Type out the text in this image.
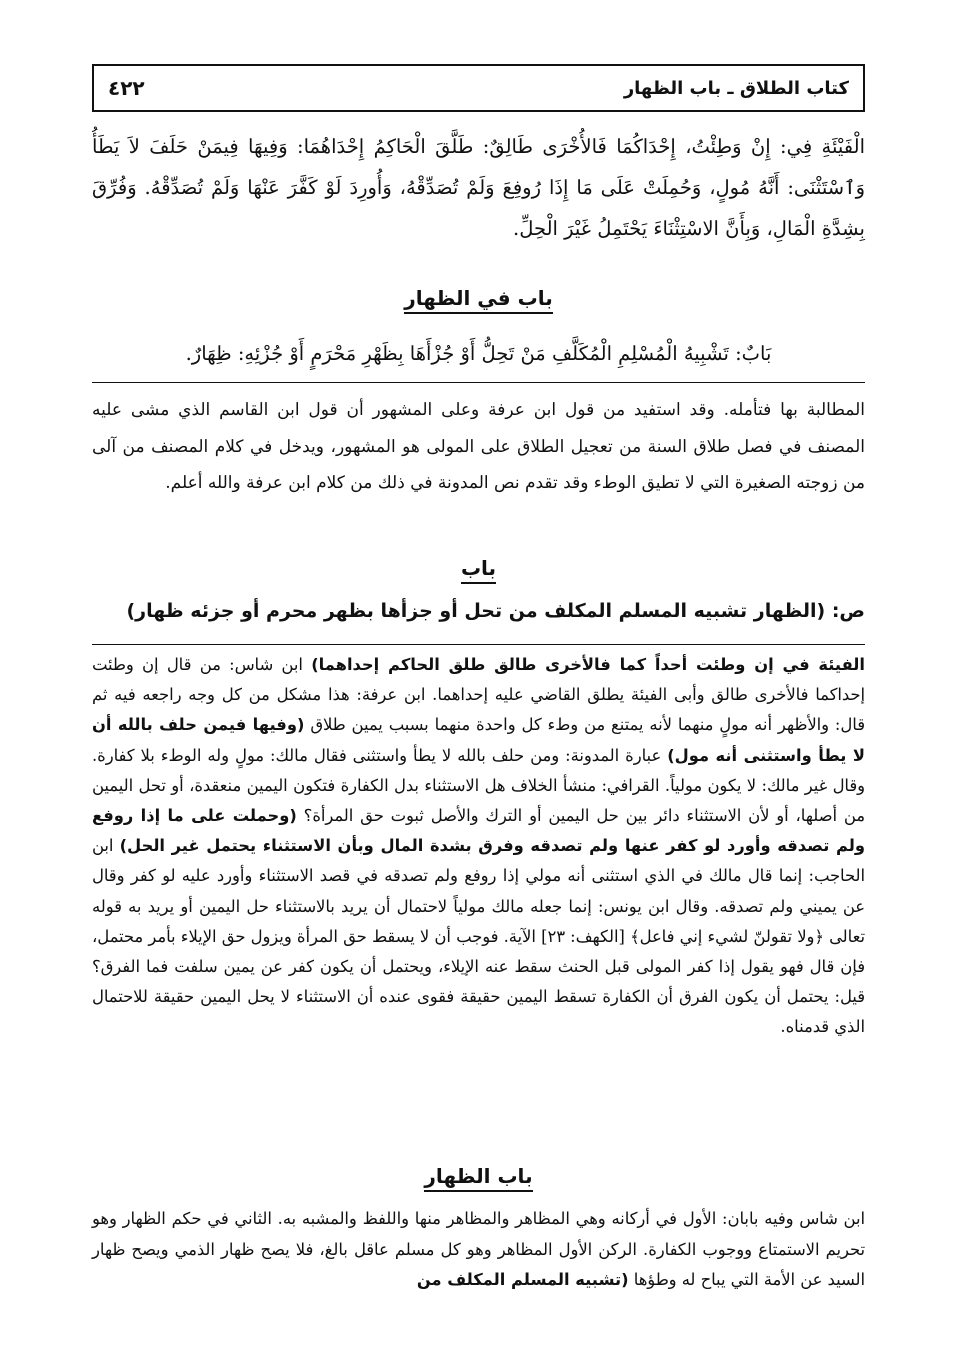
كتاب الطلاق ـ باب الظهار
٤٢٢
الْفَيْئَةِ فِي: إِنْ وَطِئْتُ، إِحْدَاكُمَا فَالأُخْرَى طَالِقٌ: طَلَّقَ الْحَاكِمُ إِحْدَاهُمَا: وَفِيهَا فِيمَنْ حَلَفَ لاَ يَطَأُ وَٱسْتَثْنَى: أَنَّهُ مُولٍ، وَحُمِلَتْ عَلَى مَا إِذَا رُوفِعَ وَلَمْ تُصَدِّقْهُ، وَأُورِدَ لَوْ كَفَّرَ عَنْهَا وَلَمْ تُصَدِّقْهُ. وَفُرِّقَ بِشِدَّةِ الْمَالِ، وَبِأَنَّ الاسْتِثْنَاءَ يَحْتَمِلُ غَيْرَ الْحِلِّ.
باب في الظهار
بَابٌ: تَشْبِيهُ الْمُسْلِمِ الْمُكَلَّفِ مَنْ تَحِلُّ أَوْ جُزْأَهَا بِظَهْرِ مَحْرَمٍ أَوْ جُزْئِهِ: ظِهَارٌ.
المطالبة بها فتأمله. وقد استفيد من قول ابن عرفة وعلى المشهور أن قول ابن القاسم الذي مشى عليه المصنف في فصل طلاق السنة من تعجيل الطلاق على المولى هو المشهور، ويدخل في كلام المصنف من آلى من زوجته الصغيرة التي لا تطيق الوطء وقد تقدم نص المدونة في ذلك من كلام ابن عرفة والله أعلم.
باب
ص: (الظهار تشبيه المسلم المكلف من تحل أو جزأها بظهر محرم أو جزئه ظهار)
الفيئة في إن وطئت أحداً كما فالأخرى طالق طلق الحاكم إحداهما) ابن شاس: من قال إن وطئت إحداكما فالأخرى طالق وأبى الفيئة يطلق القاضي عليه إحداهما. ابن عرفة: هذا مشكل من كل وجه راجعه فيه ثم قال: والأظهر أنه مولٍ منهما لأنه يمتنع من وطء كل واحدة منهما بسبب يمين طلاق (وفيها فيمن حلف بالله أن لا يطأ واستثنى أنه مول) عبارة المدونة: ومن حلف بالله لا يطأ واستثنى فقال مالك: مولٍ وله الوطء بلا كفارة. وقال غير مالك: لا يكون مولياً. القرافي: منشأ الخلاف هل الاستثناء بدل الكفارة فتكون اليمين منعقدة، أو تحل اليمين من أصلها، أو لأن الاستثناء دائر بين حل اليمين أو الترك والأصل ثبوت حق المرأة؟ (وحملت على ما إذا روفع ولم تصدقه وأورد لو كفر عنها ولم تصدقه وفرق بشدة المال وبأن الاستثناء يحتمل غير الحل) ابن الحاجب: إنما قال مالك في الذي استثنى أنه مولي إذا روفع ولم تصدقه في قصد الاستثناء وأورد عليه لو كفر وقال عن يميني ولم تصدقه. وقال ابن يونس: إنما جعله مالك مولياً لاحتمال أن يريد بالاستثناء حل اليمين أو يريد به قوله تعالى ﴿ولا تقولنّ لشيء إني فاعل﴾ [الكهف: ٢٣] الآية. فوجب أن لا يسقط حق المرأة ويزول حق الإيلاء بأمر محتمل، فإن قال فهو يقول إذا كفر المولى قبل الحنث سقط عنه الإيلاء، ويحتمل أن يكون كفر عن يمين سلفت فما الفرق؟ قيل: يحتمل أن يكون الفرق أن الكفارة تسقط اليمين حقيقة فقوى عنده أن الاستثناء لا يحل اليمين حقيقة للاحتمال الذي قدمناه.
باب الظهار
ابن شاس وفيه بابان: الأول في أركانه وهي المظاهر والمظاهر منها واللفظ والمشبه به. الثاني في حكم الظهار وهو تحريم الاستمتاع ووجوب الكفارة. الركن الأول المظاهر وهو كل مسلم عاقل بالغ، فلا يصح ظهار الذمي ويصح ظهار السيد عن الأمة التي يباح له وطؤها (تشبيه المسلم المكلف من
